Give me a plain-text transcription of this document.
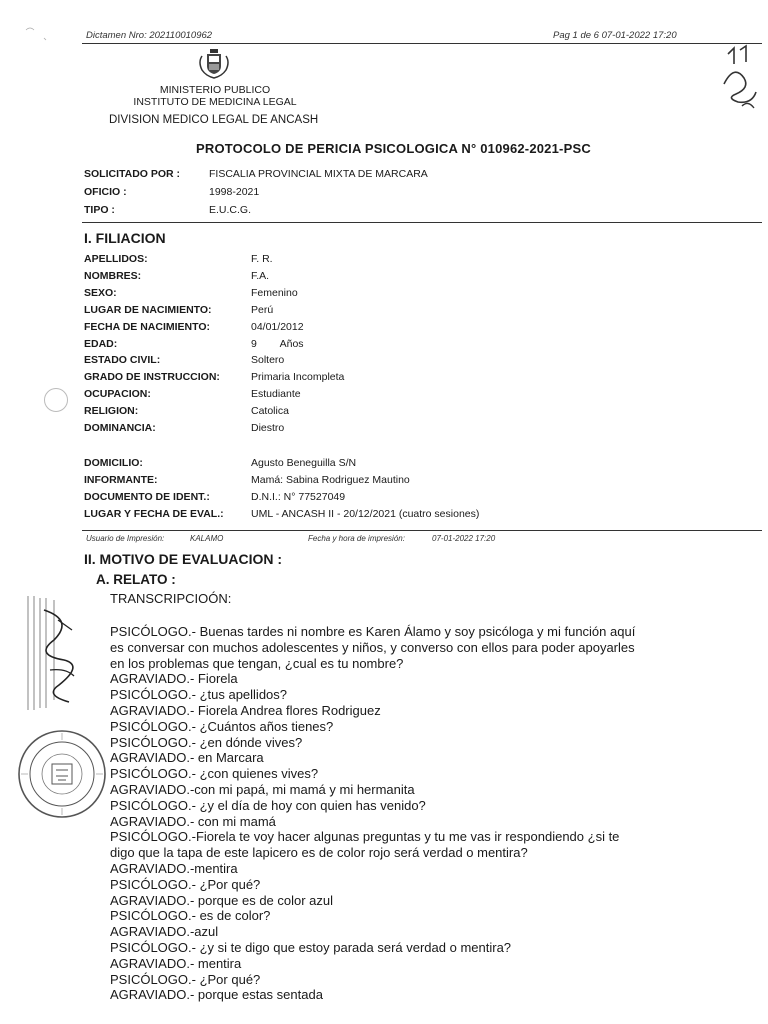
Dictamen Nro: 202110010962	Pag 1 de 6 07-01-2022 17:20
MINISTERIO PUBLICO
INSTITUTO DE MEDICINA LEGAL
DIVISION MEDICO LEGAL DE ANCASH
PROTOCOLO DE PERICIA PSICOLOGICA N° 010962-2021-PSC
SOLICITADO POR :	FISCALIA PROVINCIAL MIXTA DE MARCARA
OFICIO :	1998-2021
TIPO :	E.U.C.G.
I. FILIACION
APELLIDOS:	F. R.
NOMBRES:	F.A.
SEXO:	Femenino
LUGAR DE NACIMIENTO:	Perú
FECHA DE NACIMIENTO:	04/01/2012
EDAD:	9        Años
ESTADO CIVIL:	Soltero
GRADO DE INSTRUCCION:	Primaria Incompleta
OCUPACION:	Estudiante
RELIGION:	Catolica
DOMINANCIA:	Diestro
DOMICILIO:	Agusto Beneguilla S/N
INFORMANTE:	Mamá: Sabina Rodriguez Mautino
DOCUMENTO DE IDENT.:	D.N.I.: N° 77527049
LUGAR Y FECHA DE EVAL.:	UML - ANCASH II - 20/12/2021 (cuatro sesiones)
Usuario de Impresión:	KALAMO	Fecha y hora de impresión:	07-01-2022 17:20
II. MOTIVO DE EVALUACION :
A. RELATO :
TRANSCRIPCIOÓN:
PSICÓLOGO.- Buenas tardes ni nombre es Karen Álamo y soy psicóloga y mi función aquí
es conversar con muchos adolescentes y niños, y converso con ellos para poder apoyarles
en los problemas que tengan, ¿cual es tu nombre?
AGRAVIADO.- Fiorela
PSICÓLOGO.- ¿tus apellidos?
AGRAVIADO.- Fiorela Andrea flores Rodriguez
PSICÓLOGO.- ¿Cuántos años tienes?
PSICÓLOGO.- ¿en dónde vives?
AGRAVIADO.- en Marcara
PSICÓLOGO.- ¿con quienes vives?
AGRAVIADO.-con mi papá, mi mamá y mi hermanita
PSICÓLOGO.- ¿y el día de hoy con quien has venido?
AGRAVIADO.- con mi mamá
PSICÓLOGO.-Fiorela te voy hacer algunas preguntas y tu me vas ir respondiendo ¿si te
digo que la tapa de este lapicero es de color rojo será verdad o mentira?
AGRAVIADO.-mentira
PSICÓLOGO.- ¿Por qué?
AGRAVIADO.- porque es de color azul
PSICÓLOGO.- es de color?
AGRAVIADO.-azul
PSICÓLOGO.- ¿y si te digo que estoy parada será verdad o mentira?
AGRAVIADO.- mentira
PSICÓLOGO.- ¿Por qué?
AGRAVIADO.- porque estas sentada
